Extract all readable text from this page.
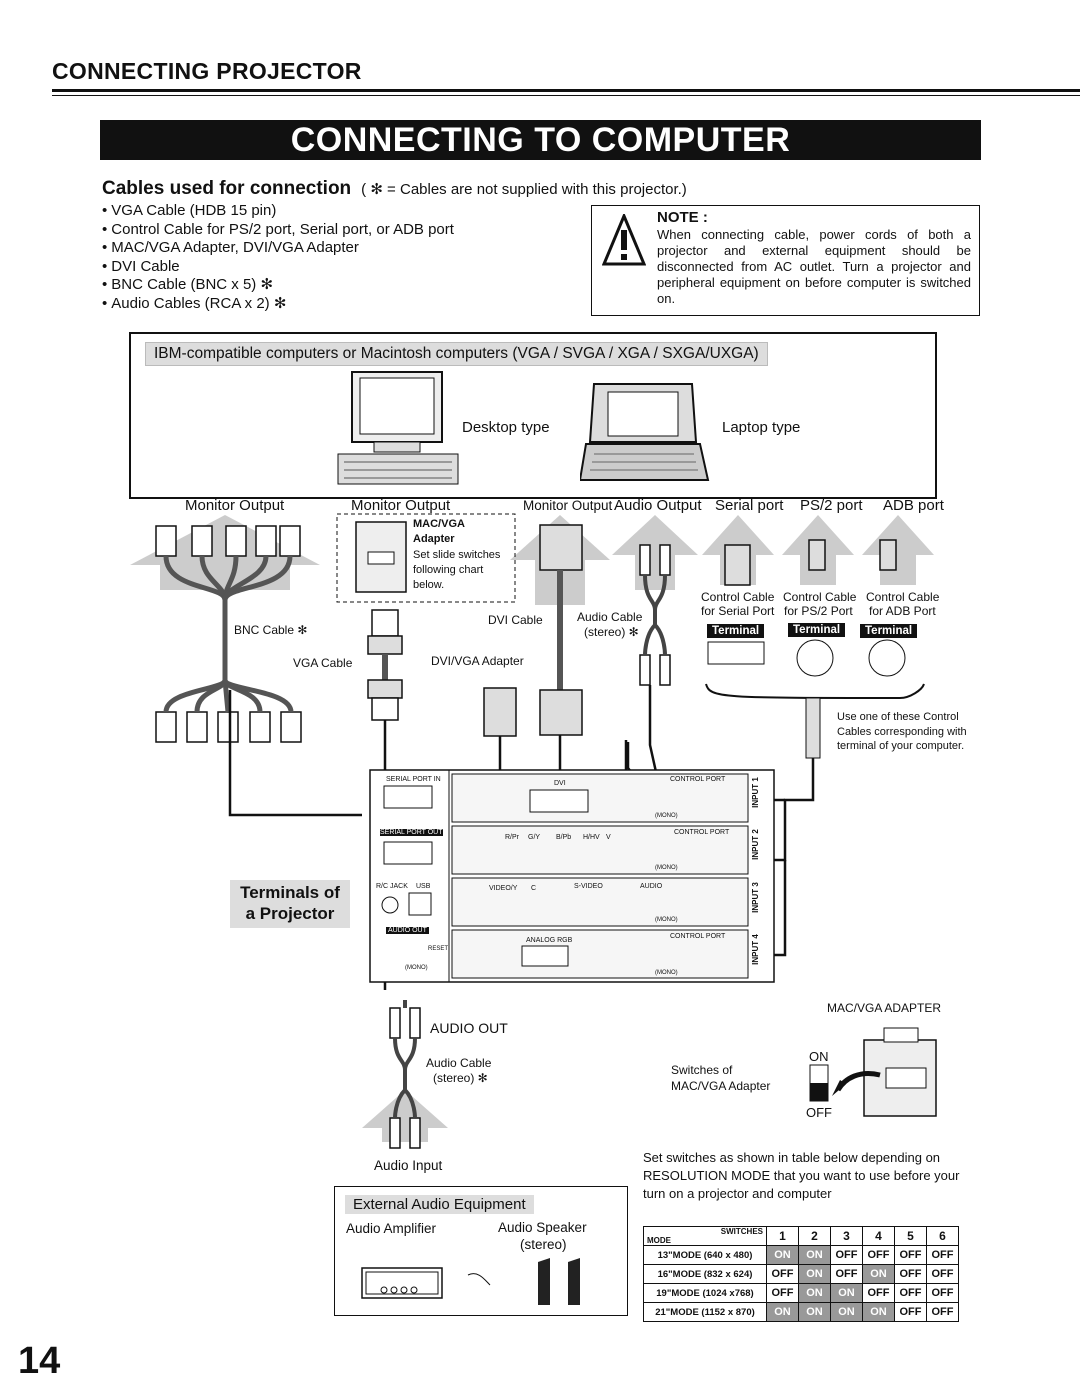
CONNECTING PROJECTOR
CONNECTING TO COMPUTER
Cables used for connection ( ✻ = Cables are not supplied with this projector.)
• VGA Cable (HDB 15 pin)
• Control Cable for PS/2 port, Serial port, or ADB port
• MAC/VGA Adapter, DVI/VGA Adapter
• DVI Cable
• BNC Cable (BNC x 5) ✻
• Audio Cables (RCA x 2) ✻
NOTE :
When connecting cable, power cords of both a projector and external equipment should be disconnected from AC outlet. Turn a projector and peripheral equipment on before computer is switched on.
IBM-compatible computers or Macintosh computers (VGA / SVGA / XGA / SXGA/UXGA)
Desktop type	Laptop type
Monitor Output	Monitor Output	Monitor Output Audio Output Serial port PS/2 port ADB port
MAC/VGA
Adapter
Set slide switches following chart below.
BNC Cable ✻
VGA Cable
DVI Cable
DVI/VGA Adapter
Audio Cable
(stereo) ✻
Control Cable
for Serial Port
Control Cable
for PS/2 Port
Control Cable
for ADB Port
Terminal	Terminal	Terminal
Use one of these Control Cables corresponding with terminal of your computer.
Terminals of
a Projector
SERIAL PORT IN
SERIAL PORT OUT
R/C JACK USB
AUDIO OUT
RESET
(MONO)
DVI
CONTROL PORT
CONTROL PORT
CONTROL PORT
(MONO)
(MONO)
(MONO)
(MONO)
AUDIO
VIDEO/Y C	S-VIDEO
ANALOG RGB
R/Pr G/Y B/Pb H/HV V
INPUT 1
INPUT 2
INPUT 3
INPUT 4
AUDIO OUT
Audio Cable
(stereo) ✻
Audio Input
External Audio Equipment
Audio Amplifier	Audio Speaker
(stereo)
MAC/VGA ADAPTER
ON
OFF
Switches of
MAC/VGA Adapter
Set switches as shown in table below depending on RESOLUTION MODE that you want to use before your turn on a projector and computer
SWITCHES
MODE	1	2	3	4	5	6
13"MODE (640 x 480)	ON	ON	OFF	OFF	OFF	OFF
16"MODE (832 x 624)	OFF	ON	OFF	ON	OFF	OFF
19"MODE (1024 x768)	OFF	ON	ON	OFF	OFF	OFF
21"MODE (1152 x 870)	ON	ON	ON	ON	OFF	OFF
14
